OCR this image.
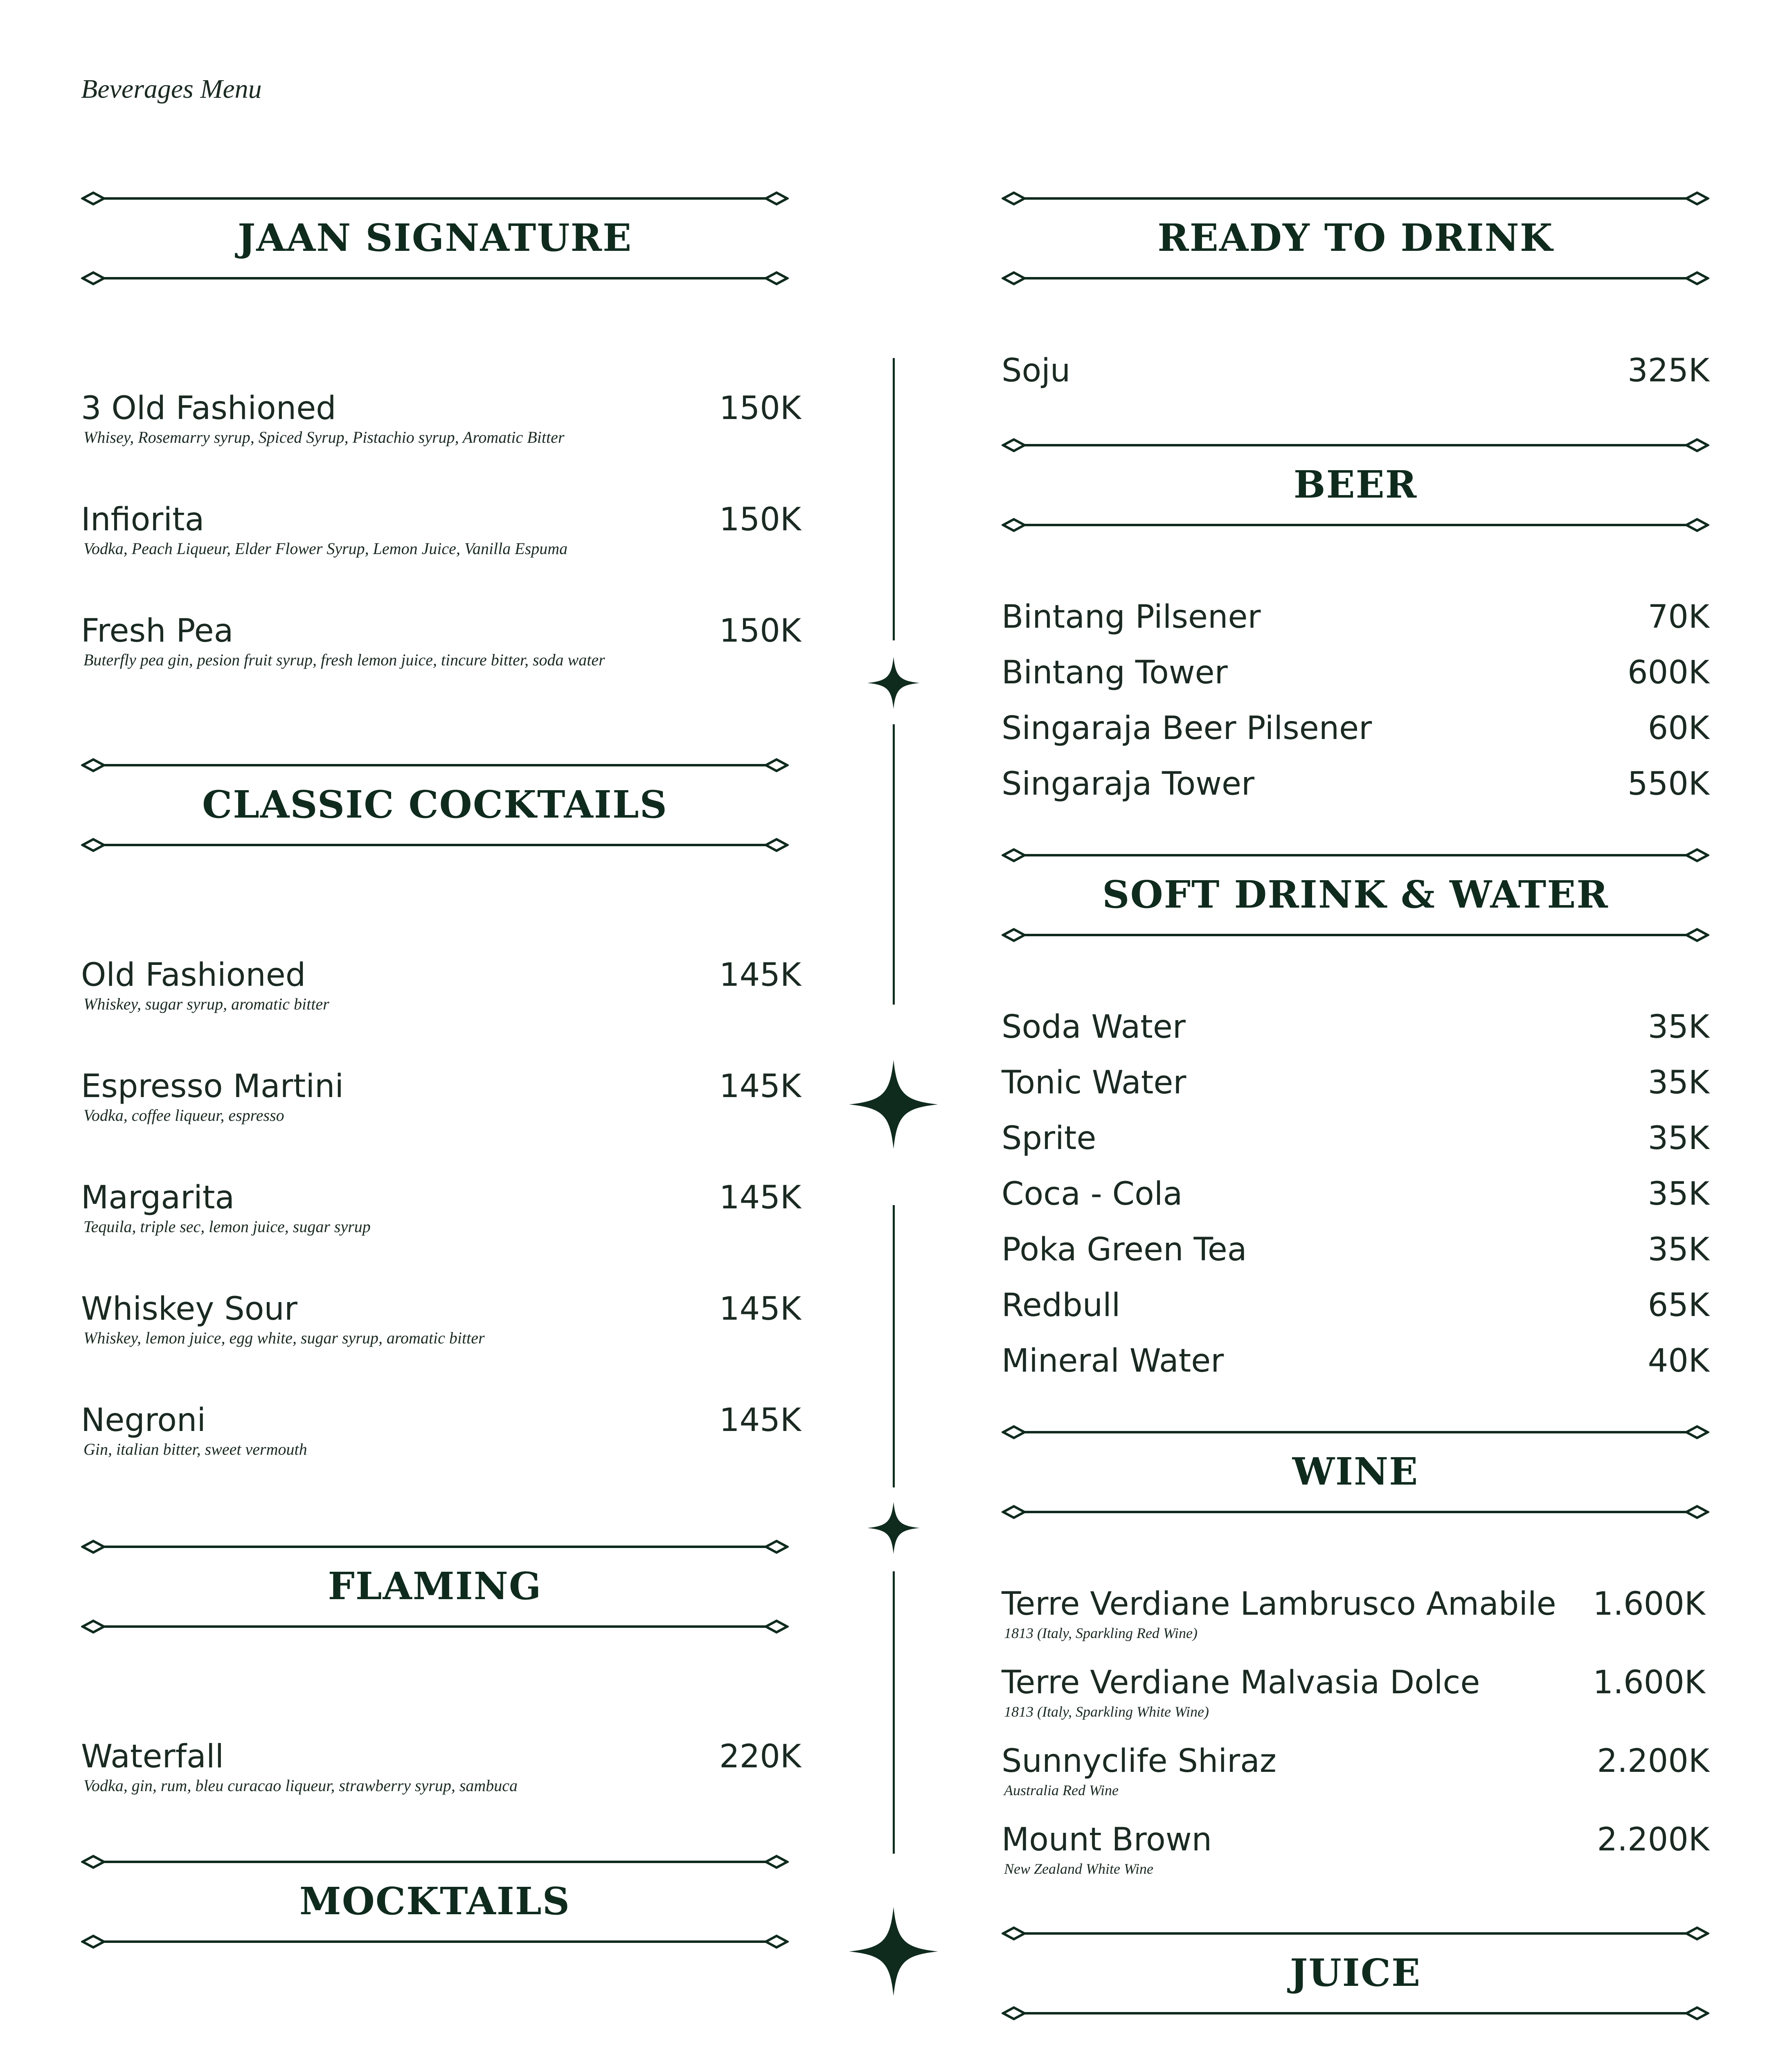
Beverages Menu
JAAN SIGNATURE
3 Old Fashioned
Whisey, Rosemarry syrup, Spiced Syrup, Pistachio syrup, Aromatic Bitter
150K
Infiorita
Vodka, Peach Liqueur, Elder Flower Syrup, Lemon Juice, Vanilla Espuma
150K
Fresh Pea
Buterfly pea gin, pesion fruit syrup, fresh lemon juice, tincure bitter, soda water
150K
CLASSIC COCKTAILS
Old Fashioned
Whiskey, sugar syrup, aromatic bitter
145K
Espresso Martini
Vodka, coffee liqueur, espresso
145K
Margarita
Tequila, triple sec, lemon juice, sugar syrup
145K
Whiskey Sour
Whiskey, lemon juice, egg white, sugar syrup, aromatic bitter
145K
Negroni
Gin, italian bitter, sweet vermouth
145K
FLAMING
Waterfall
Vodka, gin, rum, bleu curacao liqueur, strawberry syrup, sambuca
220K
MOCKTAILS
READY TO DRINK
Soju	325K
BEER
Bintang Pilsener	70K
Bintang Tower	600K
Singaraja Beer Pilsener	60K
Singaraja Tower	550K
SOFT DRINK & WATER
Soda Water	35K
Tonic Water	35K
Sprite	35K
Coca - Cola	35K
Poka Green Tea	35K
Redbull	65K
Mineral Water	40K
WINE
Terre Verdiane Lambrusco Amabile
1813 (Italy, Sparkling Red Wine)
1.600K
Terre Verdiane Malvasia Dolce
1813 (Italy, Sparkling White Wine)
1.600K
Sunnyclife Shiraz
Australia Red Wine
2.200K
Mount Brown
New Zealand White Wine
2.200K
JUICE
